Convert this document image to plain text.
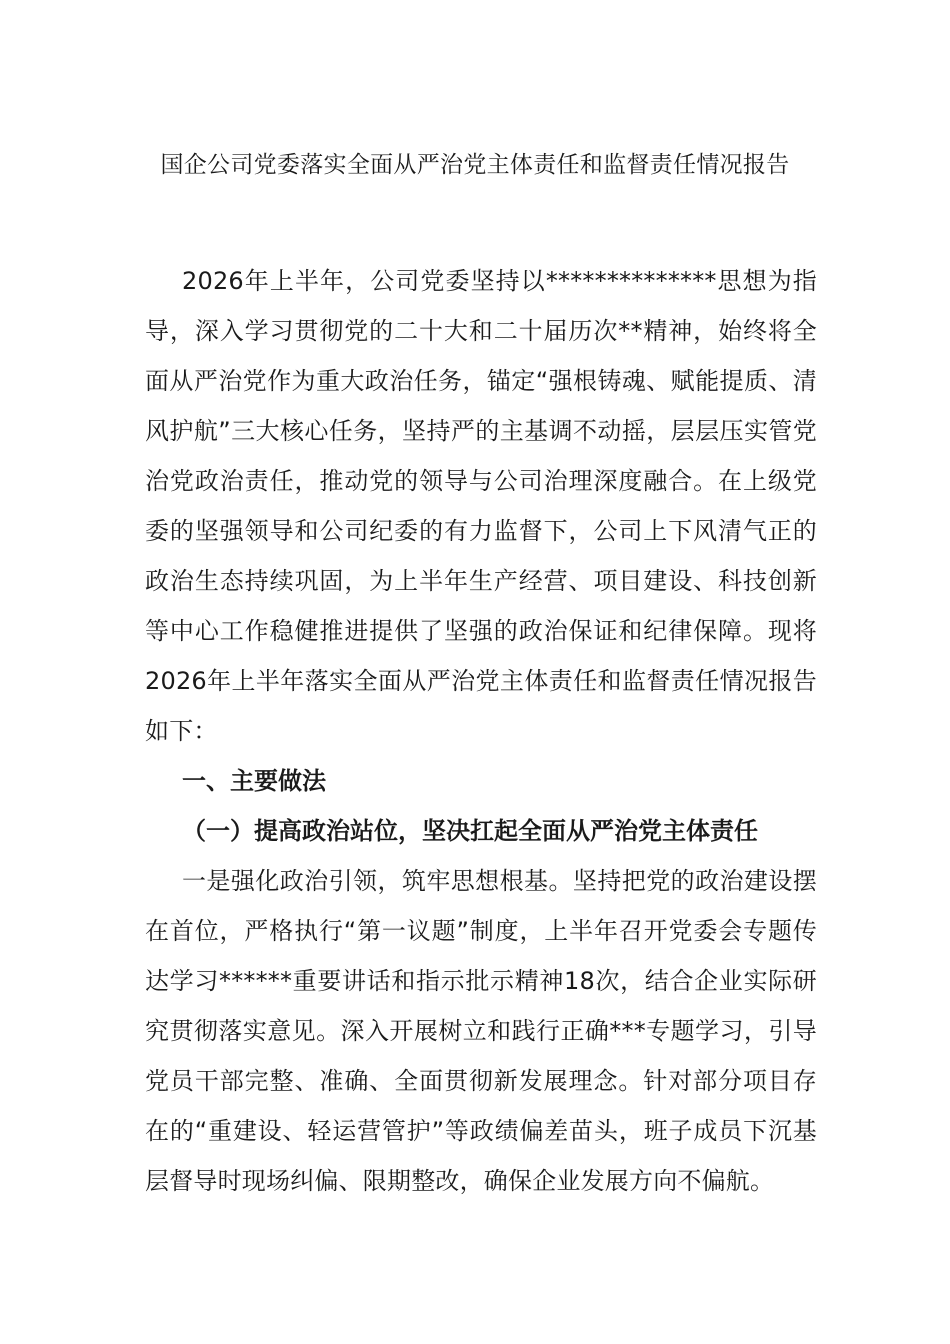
国企公司党委落实全面从严治党主体责任和监督责任情况报告

2026年上半年，公司党委坚持以**************思想为指导，深入学习贯彻党的二十大和二十届历次**精神，始终将全面从严治党作为重大政治任务，锚定“强根铸魂、赋能提质、清风护航”三大核心任务，坚持严的主基调不动摇，层层压实管党治党政治责任，推动党的领导与公司治理深度融合。在上级党委的坚强领导和公司纪委的有力监督下，公司上下风清气正的政治生态持续巩固，为上半年生产经营、项目建设、科技创新等中心工作稳健推进提供了坚强的政治保证和纪律保障。现将2026年上半年落实全面从严治党主体责任和监督责任情况报告如下：

一、主要做法

（一）提高政治站位，坚决扛起全面从严治党主体责任

一是强化政治引领，筑牢思想根基。坚持把党的政治建设摆在首位，严格执行“第一议题”制度，上半年召开党委会专题传达学习******重要讲话和指示批示精神18次，结合企业实际研究贯彻落实意见。深入开展树立和践行正确***专题学习，引导党员干部完整、准确、全面贯彻新发展理念。针对部分项目存在的“重建设、轻运营管护”等政绩偏差苗头，班子成员下沉基层督导时现场纠偏、限期整改，确保企业发展方向不偏航。
